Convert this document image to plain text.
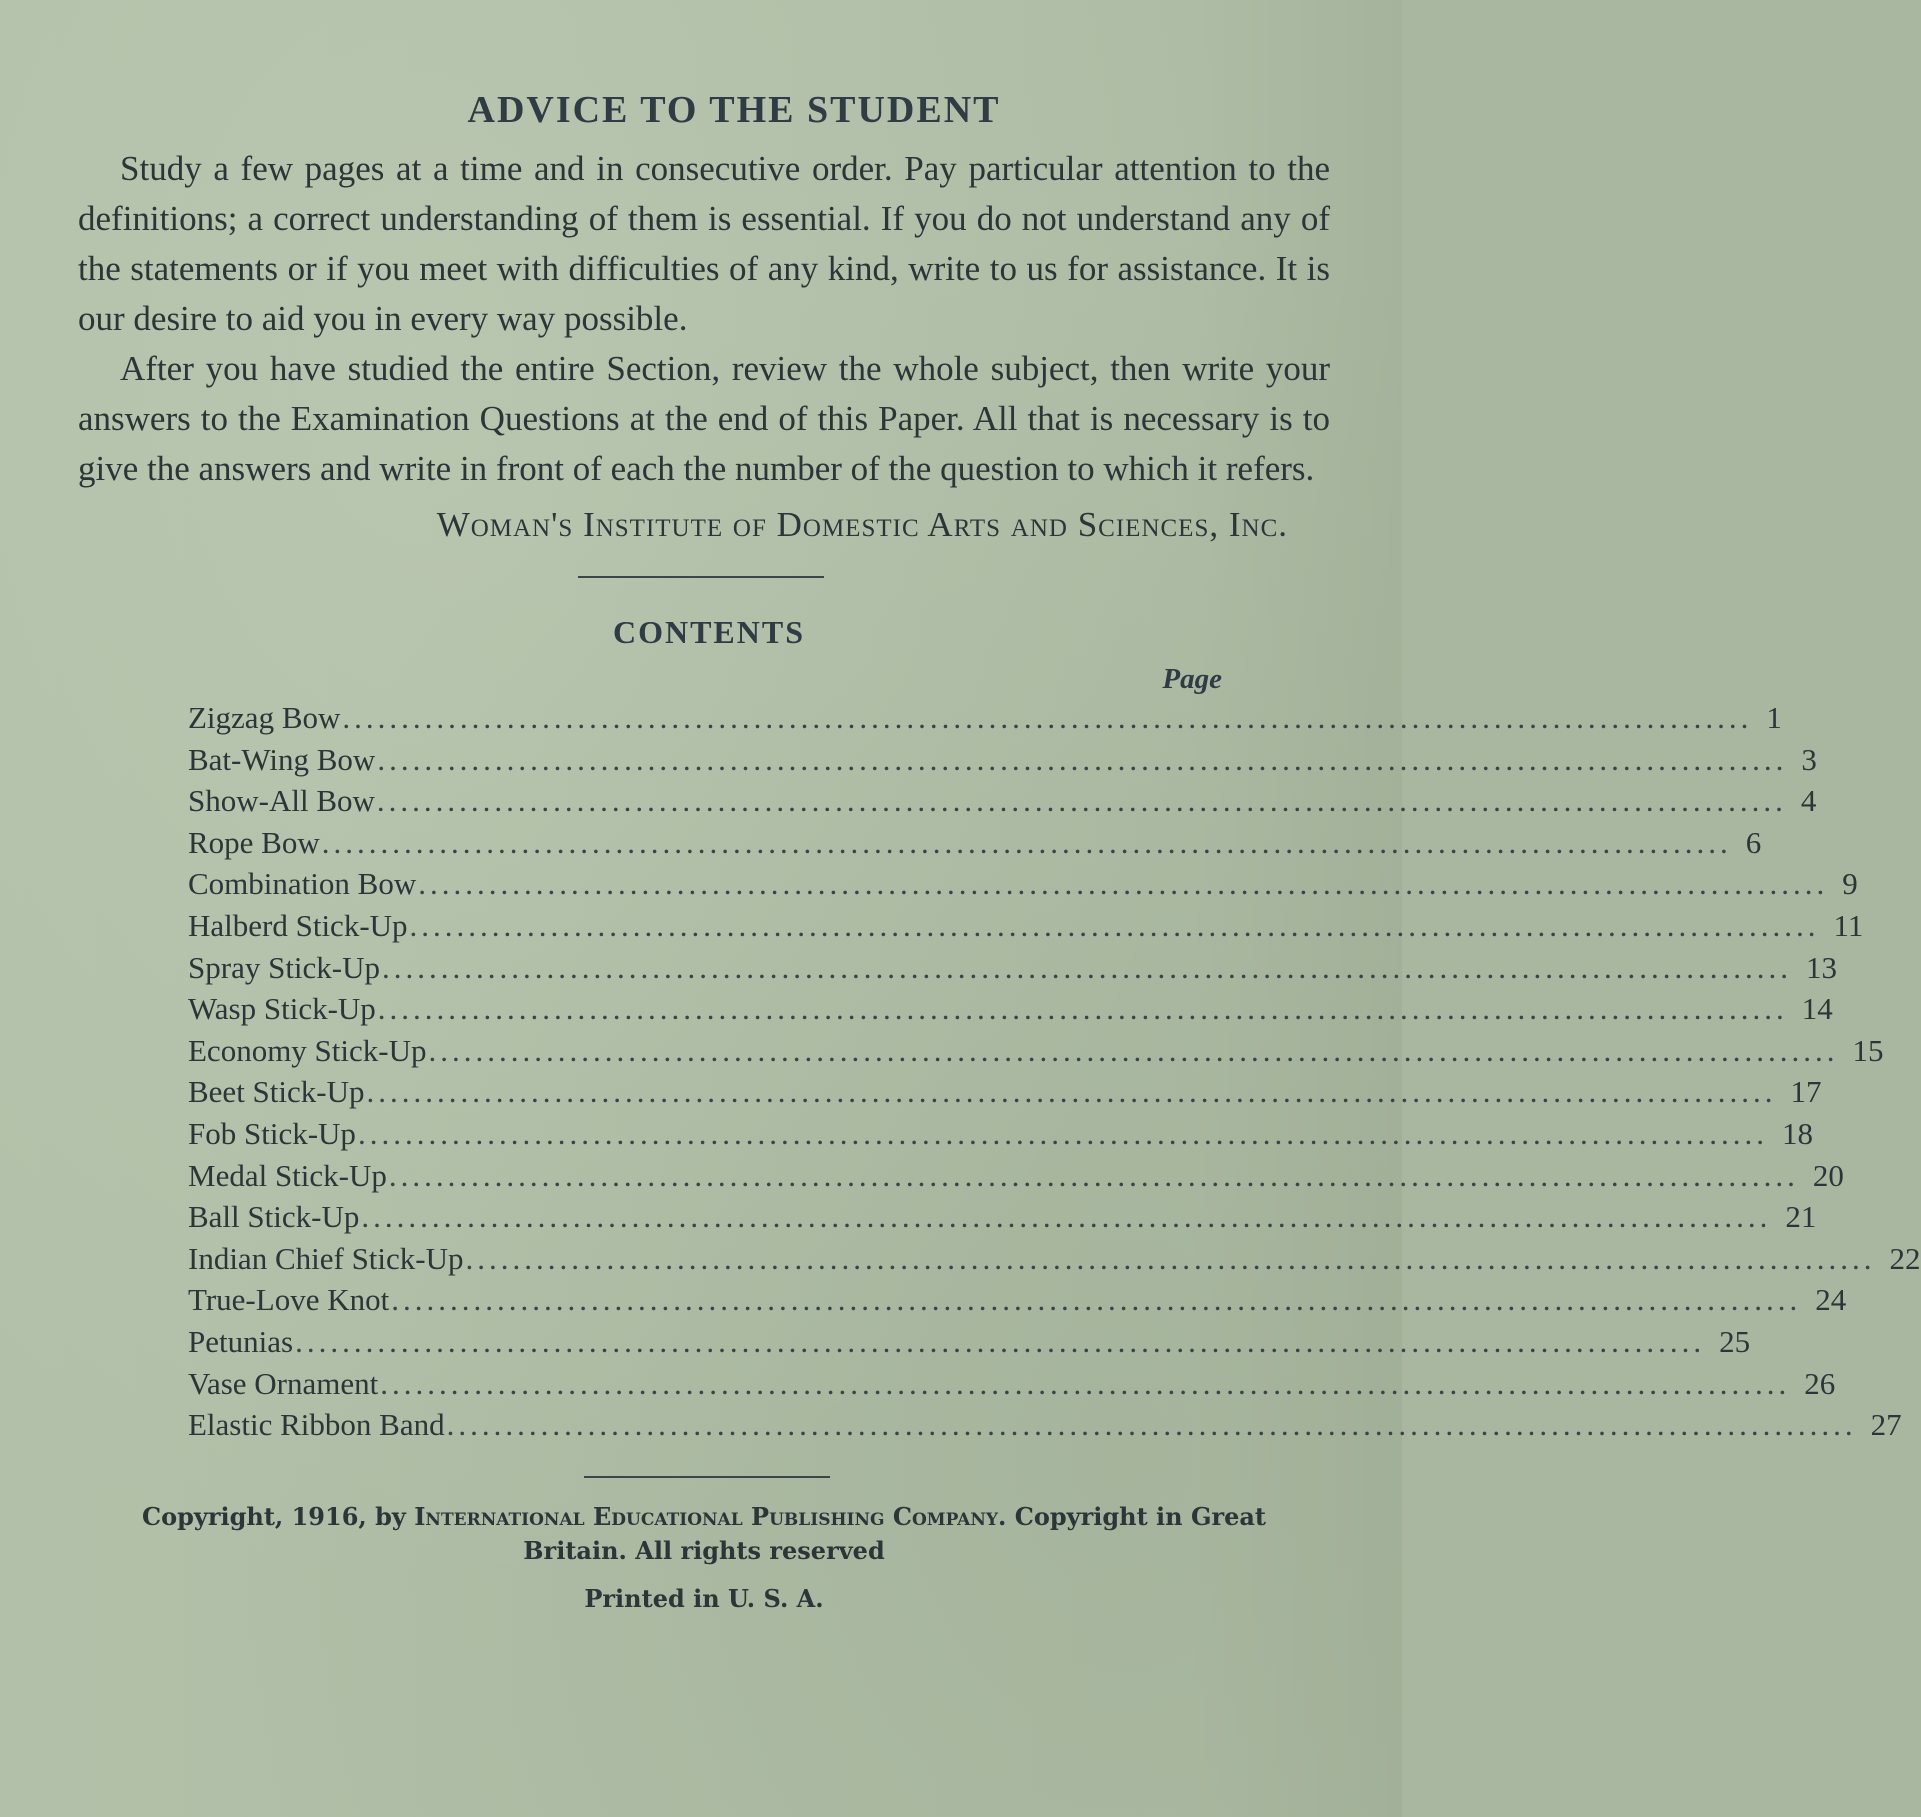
ADVICE TO THE STUDENT

Study a few pages at a time and in consecutive order. Pay particular attention to the definitions; a correct understanding of them is essential. If you do not understand any of the statements or if you meet with difficulties of any kind, write to us for assistance. It is our desire to aid you in every way possible.

After you have studied the entire Section, review the whole subject, then write your answers to the Examination Questions at the end of this Paper. All that is necessary is to give the answers and write in front of each the number of the question to which it refers.

Woman's Institute of Domestic Arts and Sciences, Inc.
CONTENTS
Page
Zigzag Bow ........................................................................................................................ 1
Bat-Wing Bow ........................................................................................................................ 3
Show-All Bow ........................................................................................................................ 4
Rope Bow ........................................................................................................................ 6
Combination Bow ........................................................................................................................ 9
Halberd Stick-Up ........................................................................................................................ 11
Spray Stick-Up ........................................................................................................................ 13
Wasp Stick-Up ........................................................................................................................ 14
Economy Stick-Up ........................................................................................................................ 15
Beet Stick-Up ........................................................................................................................ 17
Fob Stick-Up ........................................................................................................................ 18
Medal Stick-Up ........................................................................................................................ 20
Ball Stick-Up ........................................................................................................................ 21
Indian Chief Stick-Up ........................................................................................................................ 22
True-Love Knot ........................................................................................................................ 24
Petunias ........................................................................................................................ 25
Vase Ornament ........................................................................................................................ 26
Elastic Ribbon Band ........................................................................................................................ 27
Copyright, 1916, by International Educational Publishing Company. Copyright in Great Britain. All rights reserved
Printed in U. S. A.
